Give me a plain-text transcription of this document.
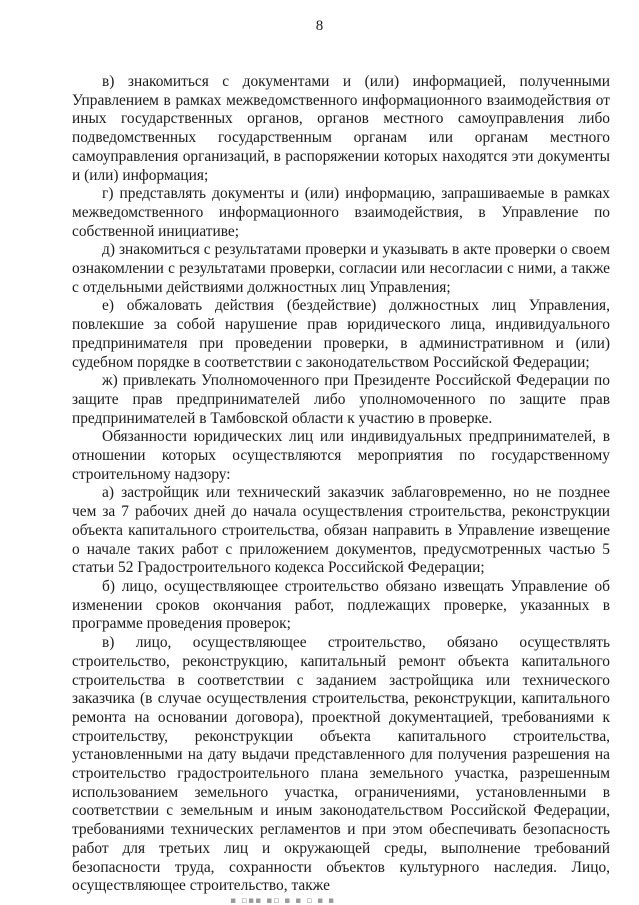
8

в) знакомиться с документами и (или) информацией, полученными Управлением в рамках межведомственного информационного взаимодействия от иных государственных органов, органов местного самоуправления либо подведомственных государственным органам или органам местного самоуправления организаций, в распоряжении которых находятся эти документы и (или) информация;

г) представлять документы и (или) информацию, запрашиваемые в рамках межведомственного информационного взаимодействия, в Управление по собственной инициативе;

д) знакомиться с результатами проверки и указывать в акте проверки о своем ознакомлении с результатами проверки, согласии или несогласии с ними, а также с отдельными действиями должностных лиц Управления;

е) обжаловать действия (бездействие) должностных лиц Управления, повлекшие за собой нарушение прав юридического лица, индивидуального предпринимателя при проведении проверки, в административном и (или) судебном порядке в соответствии с законодательством Российской Федерации;

ж) привлекать Уполномоченного при Президенте Российской Федерации по защите прав предпринимателей либо уполномоченного по защите прав предпринимателей в Тамбовской области к участию в проверке.

Обязанности юридических лиц или индивидуальных предпринимателей, в отношении которых осуществляются мероприятия по государственному строительному надзору:

а) застройщик или технический заказчик заблаговременно, но не позднее чем за 7 рабочих дней до начала осуществления строительства, реконструкции объекта капитального строительства, обязан направить в Управление извещение о начале таких работ с приложением документов, предусмотренных частью 5 статьи 52 Градостроительного кодекса Российской Федерации;

б) лицо, осуществляющее строительство обязано извещать Управление об изменении сроков окончания работ, подлежащих проверке, указанных в программе проведения проверок;

в) лицо, осуществляющее строительство, обязано осуществлять строительство, реконструкцию, капитальный ремонт объекта капитального строительства в соответствии с заданием застройщика или технического заказчика (в случае осуществления строительства, реконструкции, капитального ремонта на основании договора), проектной документацией, требованиями к строительству, реконструкции объекта капитального строительства, установленными на дату выдачи представленного для получения разрешения на строительство градостроительного плана земельного участка, разрешенным использованием земельного участка, ограничениями, установленными в соответствии с земельным и иным законодательством Российской Федерации, требованиями технических регламентов и при этом обеспечивать безопасность работ для третьих лиц и окружающей среды, выполнение требований безопасности труда, сохранности объектов культурного наследия. Лицо, осуществляющее строительство, также

▪ ▫▪▪ ▪▫ ▪ ▪ ▫ ▪ ▪
